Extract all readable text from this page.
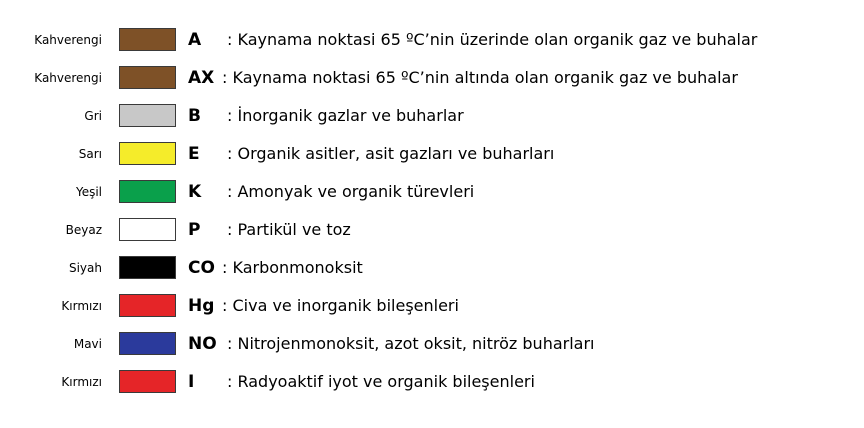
Kahverengi	A : Kaynama noktasi 65 ºC’nin üzerinde olan organik gaz ve buhalar
Kahverengi	AX : Kaynama noktasi 65 ºC’nin altında olan organik gaz ve buhalar
Gri	B : İnorganik gazlar ve buharlar
Sarı	E : Organik asitler, asit gazları ve buharları
Yeşil	K : Amonyak ve organik türevleri
Beyaz	P : Partikül ve toz
Siyah	CO : Karbonmonoksit
Kırmızı	Hg : Civa ve inorganik bileşenleri
Mavi	NO : Nitrojenmonoksit, azot oksit, nitröz buharları
Kırmızı	I : Radyoaktif iyot ve organik bileşenleri
